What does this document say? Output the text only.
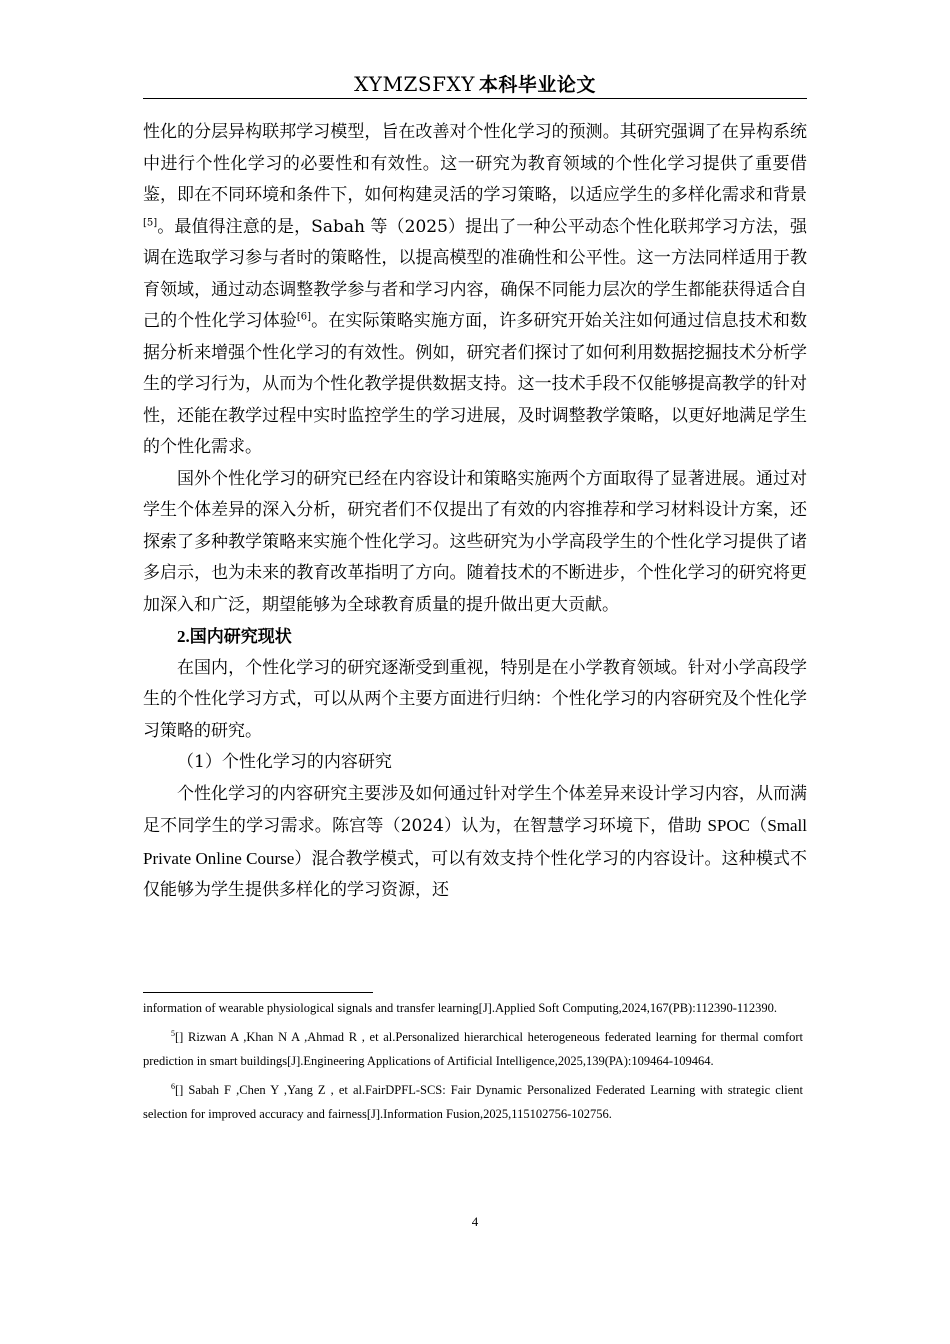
XYMZSFXY 本科毕业论文

性化的分层异构联邦学习模型，旨在改善对个性化学习的预测。其研究强调了在异构系统中进行个性化学习的必要性和有效性。这一研究为教育领域的个性化学习提供了重要借鉴，即在不同环境和条件下，如何构建灵活的学习策略，以适应学生的多样化需求和背景[5]。最值得注意的是，Sabah 等（2025）提出了一种公平动态个性化联邦学习方法，强调在选取学习参与者时的策略性，以提高模型的准确性和公平性。这一方法同样适用于教育领域，通过动态调整教学参与者和学习内容，确保不同能力层次的学生都能获得适合自己的个性化学习体验[6]。在实际策略实施方面，许多研究开始关注如何通过信息技术和数据分析来增强个性化学习的有效性。例如，研究者们探讨了如何利用数据挖掘技术分析学生的学习行为，从而为个性化教学提供数据支持。这一技术手段不仅能够提高教学的针对性，还能在教学过程中实时监控学生的学习进展，及时调整教学策略，以更好地满足学生的个性化需求。

国外个性化学习的研究已经在内容设计和策略实施两个方面取得了显著进展。通过对学生个体差异的深入分析，研究者们不仅提出了有效的内容推荐和学习材料设计方案，还探索了多种教学策略来实施个性化学习。这些研究为小学高段学生的个性化学习提供了诸多启示，也为未来的教育改革指明了方向。随着技术的不断进步，个性化学习的研究将更加深入和广泛，期望能够为全球教育质量的提升做出更大贡献。

2.国内研究现状

在国内，个性化学习的研究逐渐受到重视，特别是在小学教育领域。针对小学高段学生的个性化学习方式，可以从两个主要方面进行归纳：个性化学习的内容研究及个性化学习策略的研究。

（1）个性化学习的内容研究

个性化学习的内容研究主要涉及如何通过针对学生个体差异来设计学习内容，从而满足不同学生的学习需求。陈宫等（2024）认为，在智慧学习环境下，借助 SPOC（Small Private Online Course）混合教学模式，可以有效支持个性化学习的内容设计。这种模式不仅能够为学生提供多样化的学习资源，还

information of wearable physiological signals and transfer learning[J].Applied Soft Computing,2024,167(PB):112390-112390.

$^5$[] Rizwan A ,Khan N A ,Ahmad R , et al.Personalized hierarchical heterogeneous federated learning for thermal comfort prediction in smart buildings[J].Engineering Applications of Artificial Intelligence,2025,139(PA):109464-109464.

$^6$[] Sabah F ,Chen Y ,Yang Z , et al.FairDPFL-SCS: Fair Dynamic Personalized Federated Learning with strategic client selection for improved accuracy and fairness[J].Information Fusion,2025,115102756-102756.

4
